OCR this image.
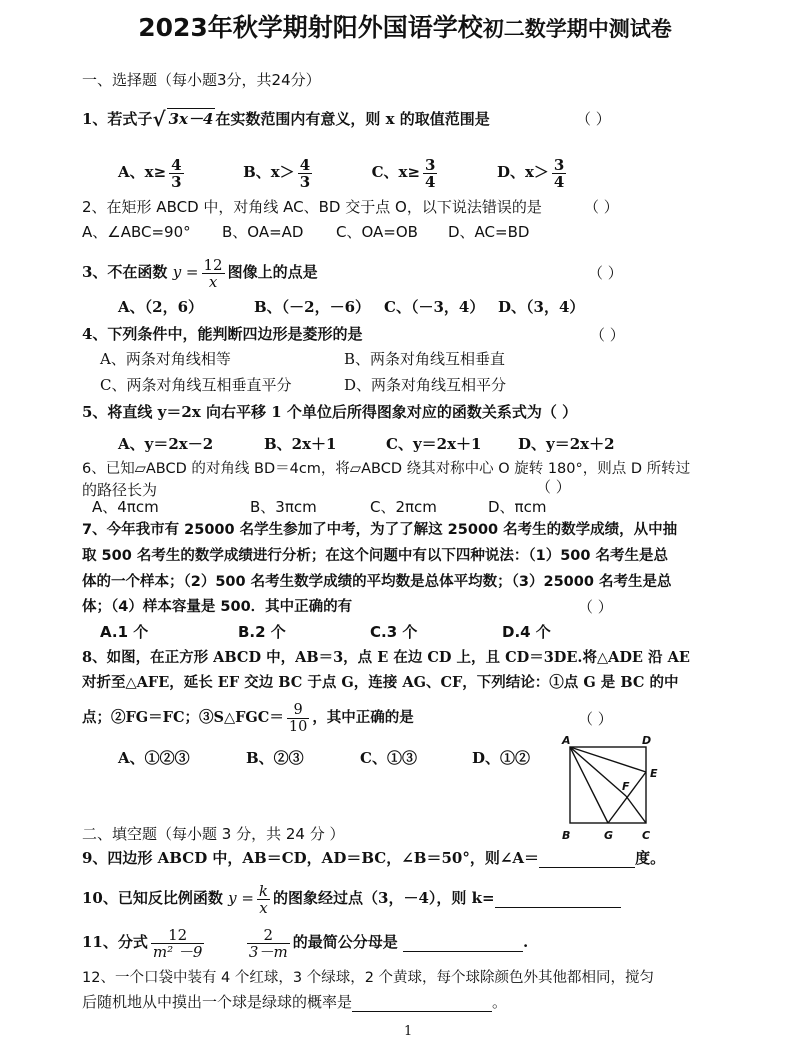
2023年秋学期射阳外国语学校初二数学期中测试卷
一、选择题（每小题3分，共24分）
1、若式子√ 3x－4 在实数范围内有意义，则 x 的取值范围是	（ ）
A、$x\ge \frac{4}{3}$	B、$x> \frac{4}{3}$	C、$x\ge \frac{3}{4}$	D、$x> \frac{3}{4}$
2、在矩形 ABCD 中，对角线 AC、BD 交于点 O，以下说法错误的是	（ ）
A、∠ABC=90° B、OA=AD C、OA=OB D、AC=BD
3、不在函数 $y = \frac{12}{x}$ 图像上的点是	（ ）
A、（2，6）	B、（－2，－6） C、（－3，4） D、（3，4）
4、下列条件中，能判断四边形是菱形的是	（ ）
A、两条对角线相等	B、两条对角线互相垂直
C、两条对角线互相垂直平分	D、两条对角线互相平分
5、将直线 y＝2x 向右平移 1 个单位后所得图象对应的函数关系式为（ ）
A、y＝2x－2	B、2x＋1	C、y＝2x＋1 D、y＝2x＋2
6、已知▱ABCD 的对角线 BD＝4cm，将▱ABCD 绕其对称中心 O 旋转 180°，则点 D 所转过
的路径长为	（ ）
A、4πcm	B、3πcm	C、2πcm	D、πcm
7、今年我市有 25000 名学生参加了中考，为了了解这 25000 名考生的数学成绩，从中抽
取 500 名考生的数学成绩进行分析；在这个问题中有以下四种说法：（1）500 名考生是总
体的一个样本；（2）500 名考生数学成绩的平均数是总体平均数；（3）25000 名考生是总
体；（4）样本容量是 500．其中正确的有	（ ）
A.1 个	B.2 个	C.3 个	D.4 个
8、如图，在正方形 ABCD 中，AB＝3，点 E 在边 CD 上，且 CD＝3DE.将△ADE 沿 AE
对折至△AFE，延长 EF 交边 BC 于点 G，连接 AG、CF，下列结论：①点 G 是 BC 的中
点；②FG＝FC；③S△FGC＝ $\frac{9}{10}$ ，其中正确的是	（ ）
A、①②③	B、②③	C、①③	D、①②
A	D
E
F
B	G	C
二、填空题（每小题 3 分，共 24 分 ）
9、四边形 ABCD 中，AB＝CD，AD＝BC，∠B＝50°，则∠A＝	度。
10、已知反比例函数 $y = \frac{k}{x}$ 的图象经过点（3，－4），则 k=
11、分式 $\frac{12}{\text{m² －9}}$
	$\frac{2}{3-m}$ 的最简公分母是	.
12、一个口袋中装有 4 个红球，3 个绿球，2 个黄球，每个球除颜色外其他都相同，搅匀
后随机地从中摸出一个球是绿球的概率是	。
1
